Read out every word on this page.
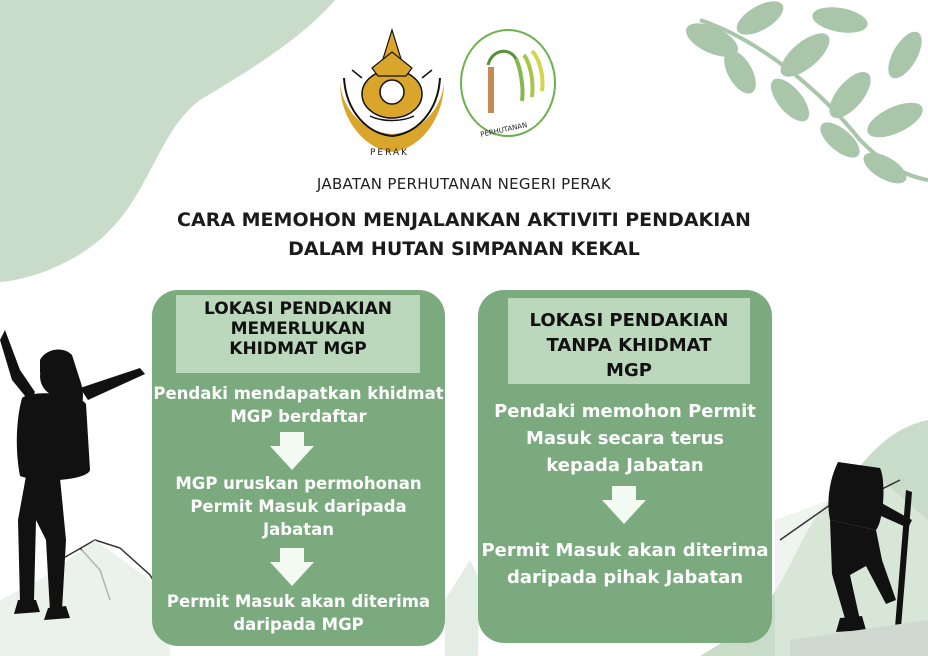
PERAK
PERHUTANAN
JABATAN PERHUTANAN NEGERI PERAK
CARA MEMOHON MENJALANKAN AKTIVITI PENDAKIAN
DALAM HUTAN SIMPANAN KEKAL
LOKASI PENDAKIAN
MEMERLUKAN
KHIDMAT MGP
Pendaki mendapatkan khidmat
MGP berdaftar
MGP uruskan permohonan
Permit Masuk daripada
Jabatan
Permit Masuk akan diterima
daripada MGP
LOKASI PENDAKIAN
TANPA KHIDMAT
MGP
Pendaki memohon Permit
Masuk secara terus
kepada Jabatan
Permit Masuk akan diterima
daripada pihak Jabatan
